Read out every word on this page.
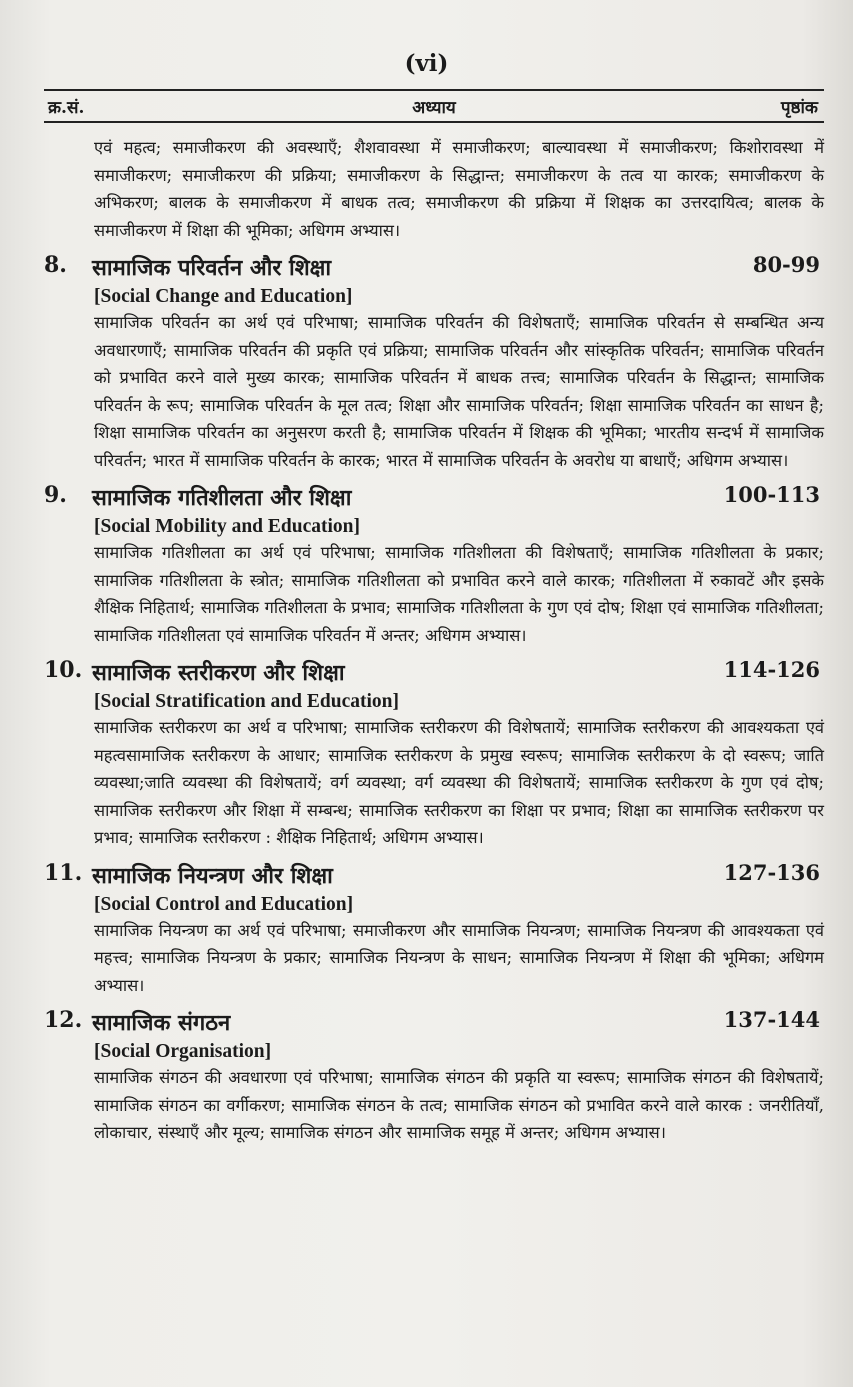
(vi)
क्र.सं.	अध्याय	पृष्ठांक

एवं महत्व; समाजीकरण की अवस्थाएँ; शैशवावस्था में समाजीकरण; बाल्यावस्था में समाजीकरण; किशोरावस्था में समाजीकरण; समाजीकरण की प्रक्रिया; समाजीकरण के सिद्धान्त; समाजीकरण के तत्व या कारक; समाजीकरण के अभिकरण; बालक के समाजीकरण में बाधक तत्व; समाजीकरण की प्रक्रिया में शिक्षक का उत्तरदायित्व; बालक के समाजीकरण में शिक्षा की भूमिका; अधिगम अभ्यास।

8. सामाजिक परिवर्तन और शिक्षा	80-99
[Social Change and Education]

सामाजिक परिवर्तन का अर्थ एवं परिभाषा; सामाजिक परिवर्तन की विशेषताएँ; सामाजिक परिवर्तन से सम्बन्धित अन्य अवधारणाएँ; सामाजिक परिवर्तन की प्रकृति एवं प्रक्रिया; सामाजिक परिवर्तन और सांस्कृतिक परिवर्तन; सामाजिक परिवर्तन को प्रभावित करने वाले मुख्य कारक; सामाजिक परिवर्तन में बाधक तत्त्व; सामाजिक परिवर्तन के सिद्धान्त; सामाजिक परिवर्तन के रूप; सामाजिक परिवर्तन के मूल तत्व; शिक्षा और सामाजिक परिवर्तन; शिक्षा सामाजिक परिवर्तन का साधन है; शिक्षा सामाजिक परिवर्तन का अनुसरण करती है; सामाजिक परिवर्तन में शिक्षक की भूमिका; भारतीय सन्दर्भ में सामाजिक परिवर्तन; भारत में सामाजिक परिवर्तन के कारक; भारत में सामाजिक परिवर्तन के अवरोध या बाधाएँ; अधिगम अभ्यास।

9. सामाजिक गतिशीलता और शिक्षा	100-113
[Social Mobility and Education]

सामाजिक गतिशीलता का अर्थ एवं परिभाषा; सामाजिक गतिशीलता की विशेषताएँ; सामाजिक गतिशीलता के प्रकार; सामाजिक गतिशीलता के स्त्रोत; सामाजिक गतिशीलता को प्रभावित करने वाले कारक; गतिशीलता में रुकावटें और इसके शैक्षिक निहितार्थ; सामाजिक गतिशीलता के प्रभाव; सामाजिक गतिशीलता के गुण एवं दोष; शिक्षा एवं सामाजिक गतिशीलता; सामाजिक गतिशीलता एवं सामाजिक परिवर्तन में अन्तर; अधिगम अभ्यास।

10. सामाजिक स्तरीकरण और शिक्षा	114-126
[Social Stratification and Education]

सामाजिक स्तरीकरण का अर्थ व परिभाषा; सामाजिक स्तरीकरण की विशेषतायें; सामाजिक स्तरीकरण की आवश्यकता एवं महत्वसामाजिक स्तरीकरण के आधार; सामाजिक स्तरीकरण के प्रमुख स्वरूप; सामाजिक स्तरीकरण के दो स्वरूप; जाति व्यवस्था;जाति व्यवस्था की विशेषतायें; वर्ग व्यवस्था; वर्ग व्यवस्था की विशेषतायें; सामाजिक स्तरीकरण के गुण एवं दोष; सामाजिक स्तरीकरण और शिक्षा में सम्बन्ध; सामाजिक स्तरीकरण का शिक्षा पर प्रभाव; शिक्षा का सामाजिक स्तरीकरण पर प्रभाव; सामाजिक स्तरीकरण : शैक्षिक निहितार्थ; अधिगम अभ्यास।

11. सामाजिक नियन्त्रण और शिक्षा	127-136
[Social Control and Education]

सामाजिक नियन्त्रण का अर्थ एवं परिभाषा; समाजीकरण और सामाजिक नियन्त्रण; सामाजिक नियन्त्रण की आवश्यकता एवं महत्त्व; सामाजिक नियन्त्रण के प्रकार; सामाजिक नियन्त्रण के साधन; सामाजिक नियन्त्रण में शिक्षा की भूमिका; अधिगम अभ्यास।

12. सामाजिक संगठन	137-144
[Social Organisation]

सामाजिक संगठन की अवधारणा एवं परिभाषा; सामाजिक संगठन की प्रकृति या स्वरूप; सामाजिक संगठन की विशेषतायें; सामाजिक संगठन का वर्गीकरण; सामाजिक संगठन के तत्व; सामाजिक संगठन को प्रभावित करने वाले कारक : जनरीतियाँ, लोकाचार, संस्थाएँ और मूल्य; सामाजिक संगठन और सामाजिक समूह में अन्तर; अधिगम अभ्यास।
